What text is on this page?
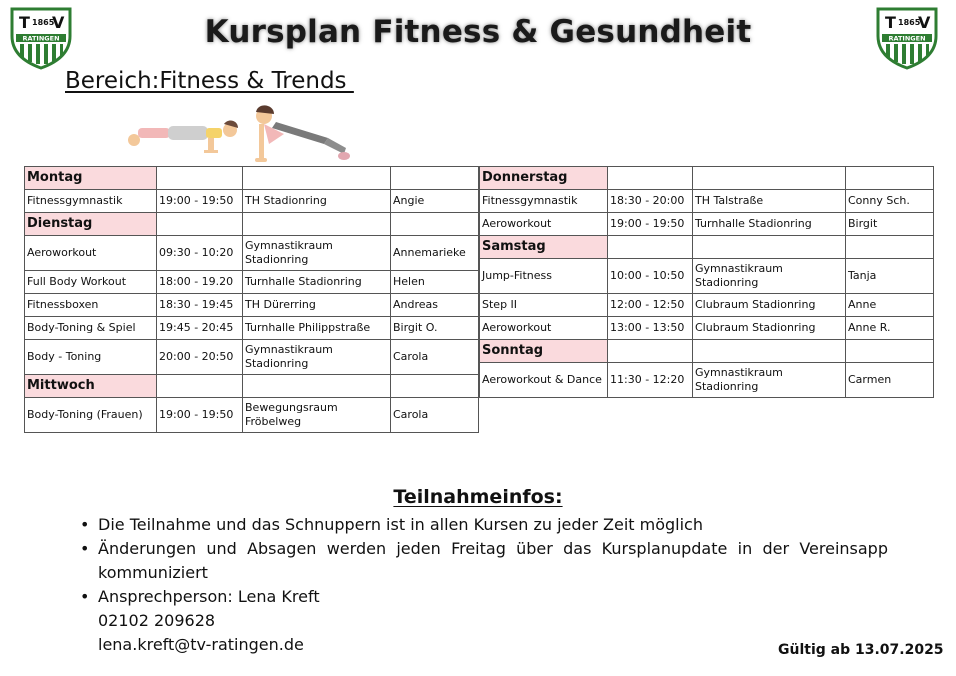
T 1865
V
RATINGEN
T 1865
V
RATINGEN
Kursplan Fitness & Gesundheit
Bereich:Fitness & Trends
Montag			
Fitnessgymnastik	19:00 - 19:50	TH Stadionring	Angie
Dienstag			
Aeroworkout	09:30 - 10:20	Gymnastikraum Stadionring	Annemarieke
Full Body Workout	18:00 - 19.20	Turnhalle Stadionring	Helen
Fitnessboxen	18:30 - 19:45	TH Dürerring	Andreas
Body-Toning & Spiel	19:45 - 20:45	Turnhalle Philippstraße	Birgit O.
Body - Toning	20:00 - 20:50	Gymnastikraum Stadionring	Carola
Mittwoch			
Body-Toning (Frauen)	19:00 - 19:50	Bewegungsraum Fröbelweg	Carola
Donnerstag			
Fitnessgymnastik	18:30 - 20:00	TH Talstraße	Conny Sch.
Aeroworkout	19:00 - 19:50	Turnhalle Stadionring	Birgit
Samstag			
Jump-Fitness	10:00 - 10:50	Gymnastikraum Stadionring	Tanja
Step II	12:00 - 12:50	Clubraum Stadionring	Anne
Aeroworkout	13:00 - 13:50	Clubraum Stadionring	Anne R.
Sonntag			
Aeroworkout & Dance	11:30 - 12:20	Gymnastikraum Stadionring	Carmen
Teilnahmeinfos:
• Die Teilnahme und das Schnuppern ist in allen Kursen zu jeder Zeit möglich
• Änderungen und Absagen werden jeden Freitag über das Kursplanupdate in der Vereinsapp kommuniziert
• Ansprechperson: Lena Kreft
02102 209628
lena.kreft@tv-ratingen.de	Gültig ab 13.07.2025
